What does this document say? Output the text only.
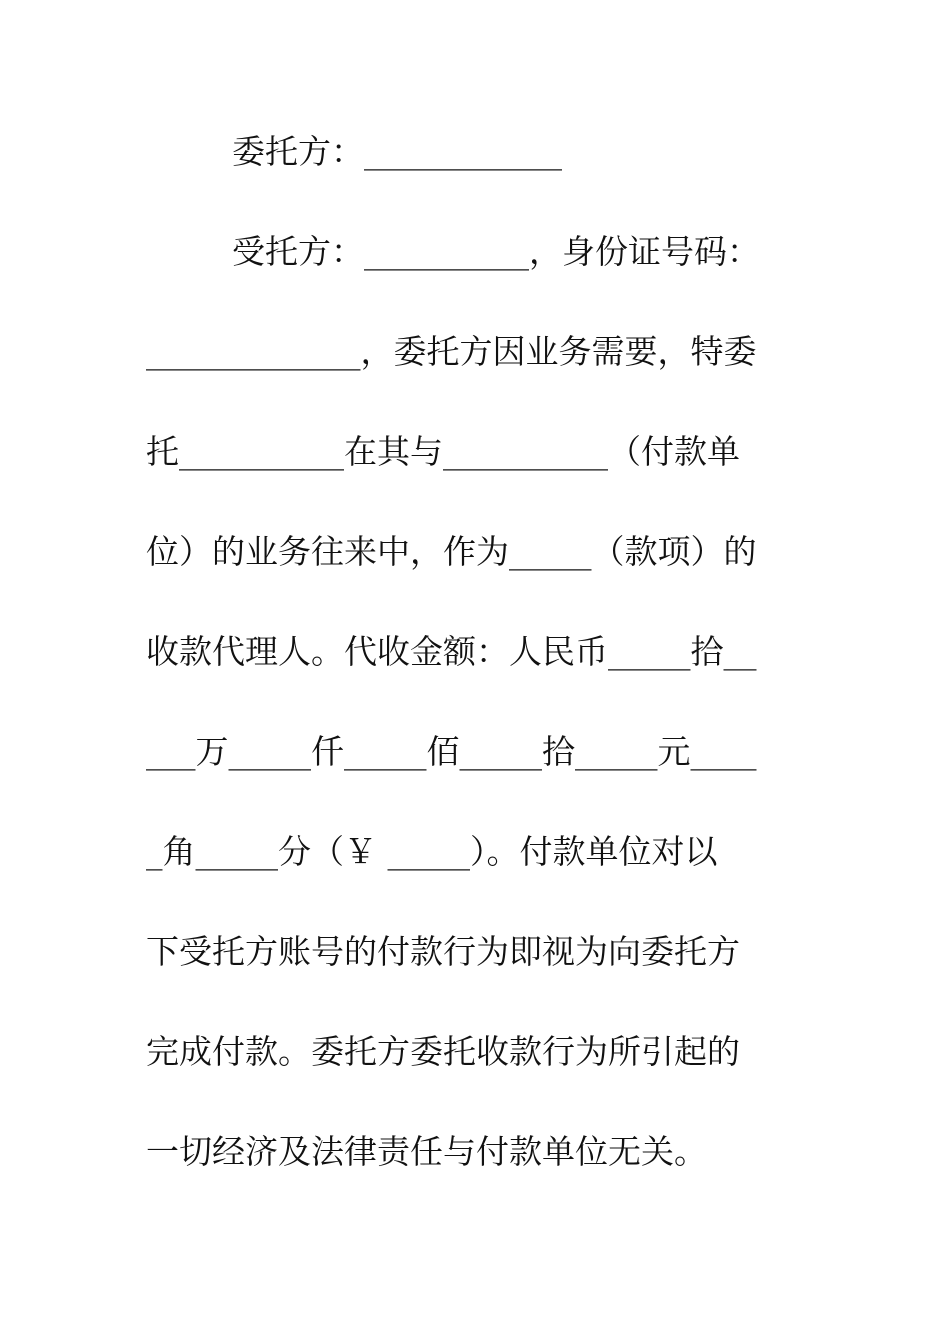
委托方：____________
受托方：__________，身份证号码：
_____________，委托方因业务需要，特委
托__________在其与__________（付款单
位）的业务往来中，作为_____（款项）的
收款代理人。代收金额：人民币_____拾__
___万_____仟_____佰_____拾_____元____
_角_____分（￥ _____）。付款单位对以
下受托方账号的付款行为即视为向委托方
完成付款。委托方委托收款行为所引起的
一切经济及法律责任与付款单位无关。
